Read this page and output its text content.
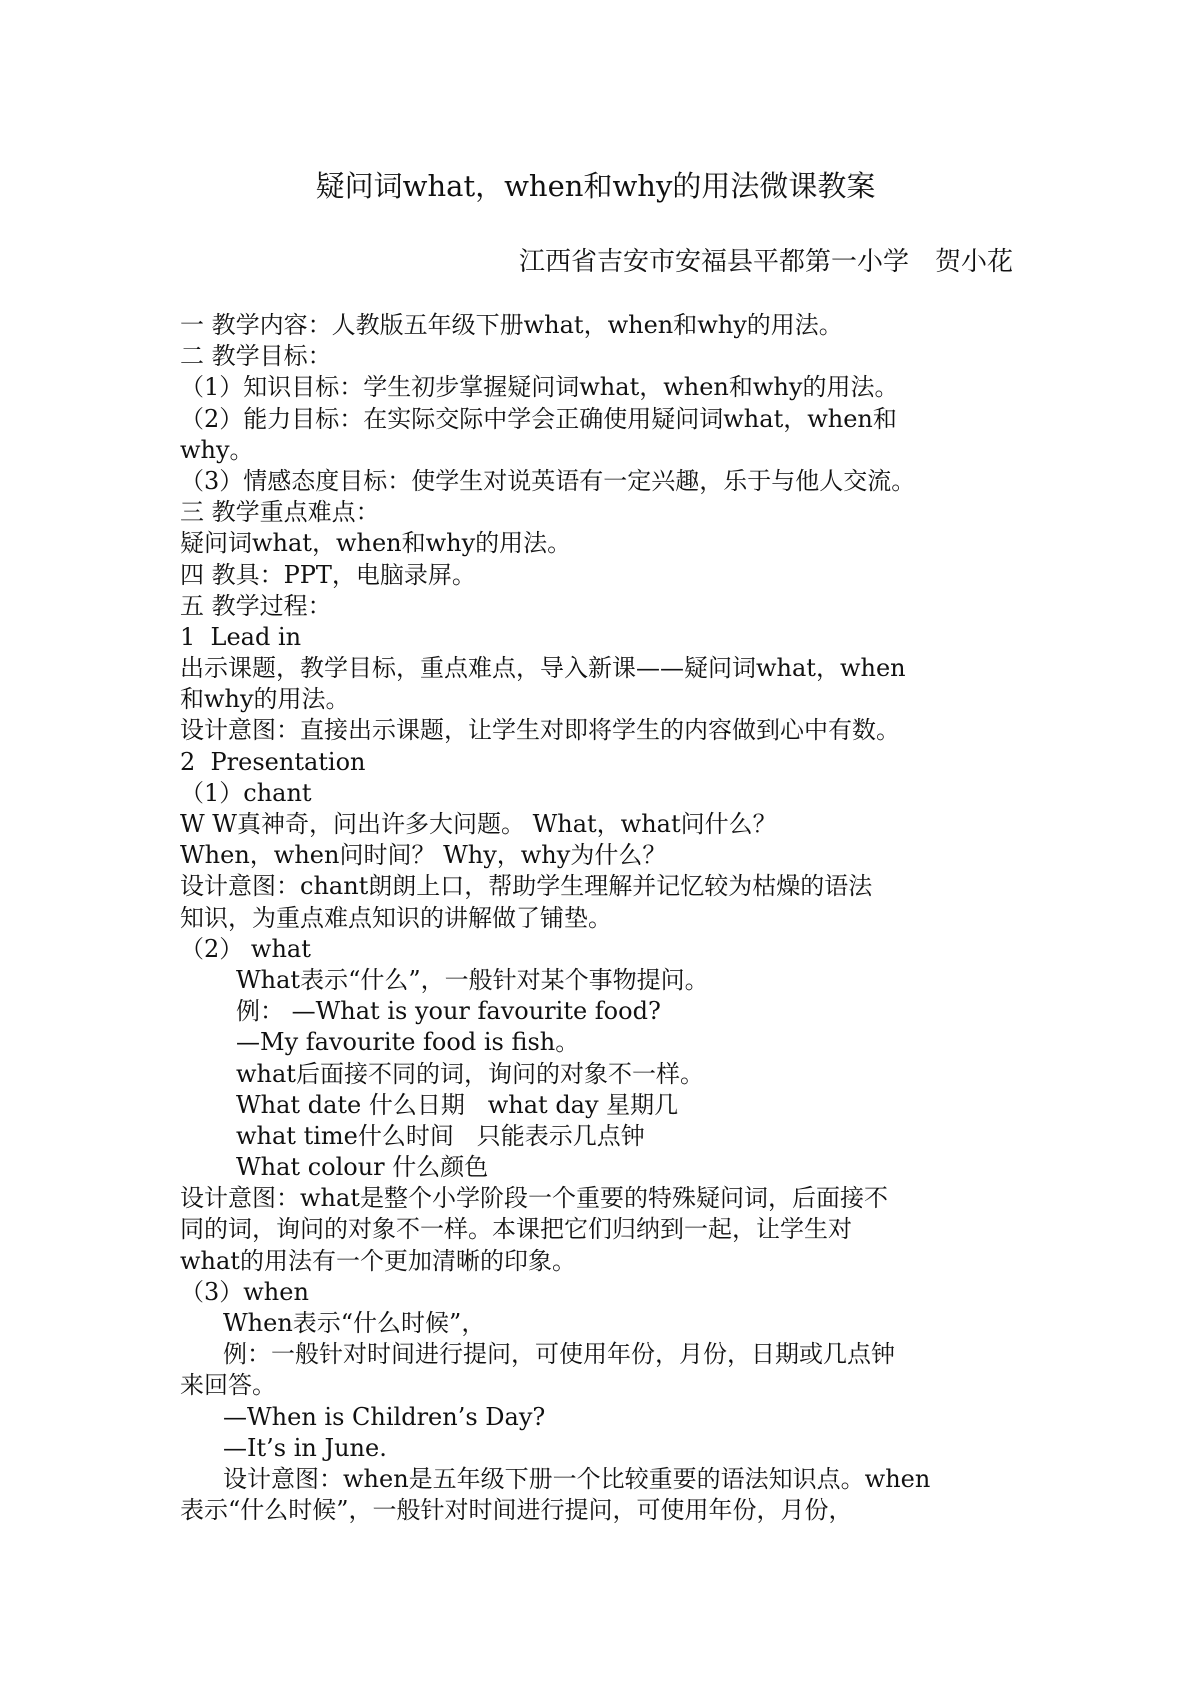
疑问词what，when和why的用法微课教案
江西省吉安市安福县平都第一小学　贺小花
一 教学内容：人教版五年级下册what，when和why的用法。
二 教学目标：
（1）知识目标：学生初步掌握疑问词what，when和why的用法。
（2）能力目标：在实际交际中学会正确使用疑问词what，when和
why。
（3）情感态度目标：使学生对说英语有一定兴趣，乐于与他人交流。
三 教学重点难点：
疑问词what，when和why的用法。
四 教具：PPT，电脑录屏。
五 教学过程：
1  Lead in
出示课题，教学目标，重点难点，导入新课——疑问词what，when
和why的用法。
设计意图：直接出示课题，让学生对即将学生的内容做到心中有数。
2  Presentation
（1）chant
W W真神奇，问出许多大问题。 What，what问什么？
When，when问时间？ Why，why为什么？
设计意图：chant朗朗上口，帮助学生理解并记忆较为枯燥的语法
知识，为重点难点知识的讲解做了铺垫。
（2） what
What表示“什么”，一般针对某个事物提问。
例： —What is your favourite food?
—My favourite food is fish。
what后面接不同的词，询问的对象不一样。
What date 什么日期   what day 星期几
what time什么时间   只能表示几点钟
What colour 什么颜色
设计意图：what是整个小学阶段一个重要的特殊疑问词，后面接不
同的词，询问的对象不一样。本课把它们归纳到一起，让学生对
what的用法有一个更加清晰的印象。
（3）when
When表示“什么时候”，
例：一般针对时间进行提问，可使用年份，月份，日期或几点钟
来回答。
—When is Children’s Day?
—It’s in June.
设计意图：when是五年级下册一个比较重要的语法知识点。when
表示“什么时候”，一般针对时间进行提问，可使用年份，月份，
